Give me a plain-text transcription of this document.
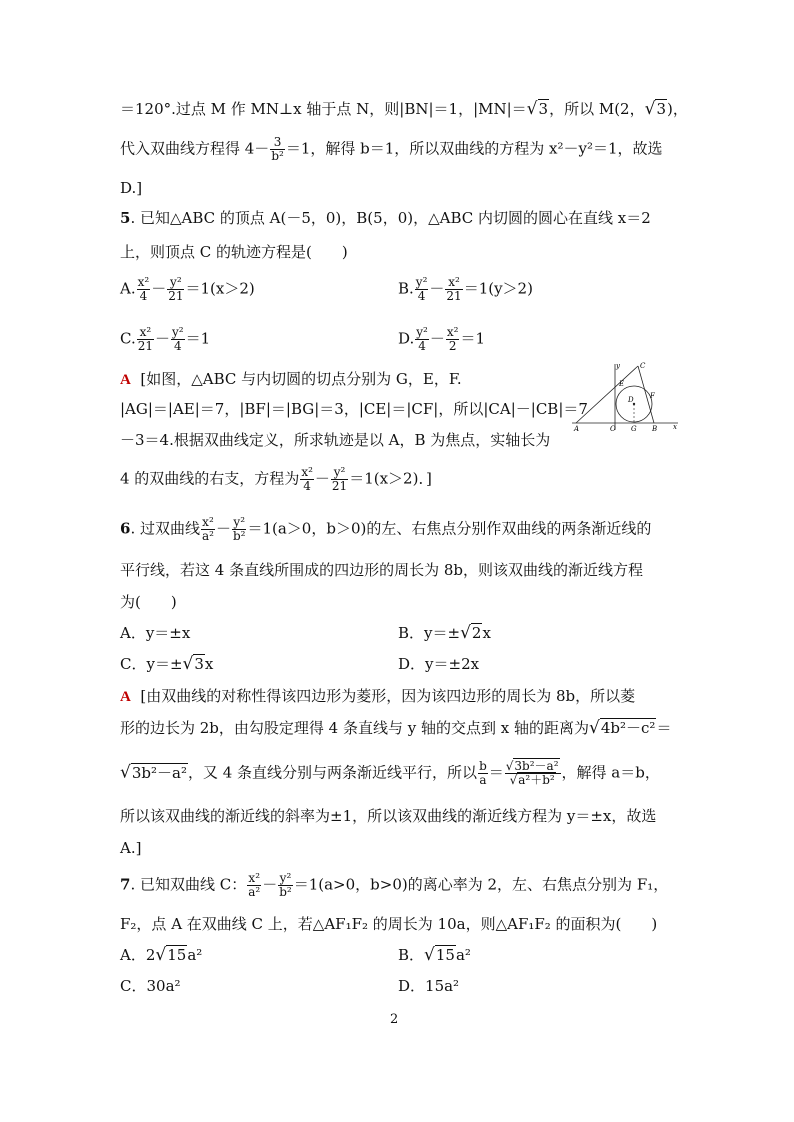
＝120°.过点 M 作 MN⊥x 轴于点 N，则|BN|＝1，|MN|＝√3，所以 M(2，√3)，
代入双曲线方程得 $4- \frac{3}{\text{b²}} =1$，解得 b＝1，所以双曲线的方程为 x²－y²＝1，故选
D.]
5. 已知△ABC 的顶点 A(－5，0)，B(5，0)，△ABC 内切圆的圆心在直线 x＝2
上，则顶点 C 的轨迹方程是(　　)
A. $\frac{\text{x²}}{4} - \frac{\text{y²}}{21} =1(x>2)$	B. $\frac{\text{y²}}{4} - \frac{\text{x²}}{21} =1(y>2)$
C. $\frac{\text{x²}}{21} - \frac{\text{y²}}{4} =1$	D. $\frac{\text{y²}}{4} - \frac{\text{x²}}{2} =1$
A [如图，△ABC 与内切圆的切点分别为 G，E，F.
|AG|＝|AE|＝7，|BF|＝|BG|＝3，|CE|＝|CF|，所以|CA|－|CB|＝7
－3＝4.根据双曲线定义，所求轨迹是以 A，B 为焦点，实轴长为
4 的双曲线的右支，方程为 $\frac{\text{x²}}{4} - \frac{\text{y²}}{21} =1(x>2)$．]
y	C
E
D F
A	O G B x
6. 过双曲线 $\frac{\text{x²}}{\text{a²}} - \frac{\text{y²}}{\text{b²}} =1(a>0$，b＞0)的左、右焦点分别作双曲线的两条渐近线的
平行线，若这 4 条直线所围成的四边形的周长为 8b，则该双曲线的渐近线方程
为(　　)
A．y＝±x	B．y＝±√2x
C．y＝±√3x	D．y＝±2x
A [由双曲线的对称性得该四边形为菱形，因为该四边形的周长为 8b，所以菱
形的边长为 2b，由勾股定理得 4 条直线与 y 轴的交点到 x 轴的距离为√4b²－c²＝
√3b²－a²，又 4 条直线分别与两条渐近线平行，所以 $\frac{b}{a} = \frac{\text{√3b²－a²}}{\text{√a²＋b²}}$ ，解得 a＝b，
所以该双曲线的渐近线的斜率为±1，所以该双曲线的渐近线方程为 y＝±x，故选
A.]
7. 已知双曲线 C： $\frac{\text{x²}}{\text{a²}} - \frac{\text{y²}}{\text{b²}} =1(a>0$，b>0)的离心率为 2，左、右焦点分别为 F₁，
F₂，点 A 在双曲线 C 上，若△AF₁F₂ 的周长为 10a，则△AF₁F₂ 的面积为(　　)
A．2√15a²	B．√15a²
C．30a²	D．15a²
2
